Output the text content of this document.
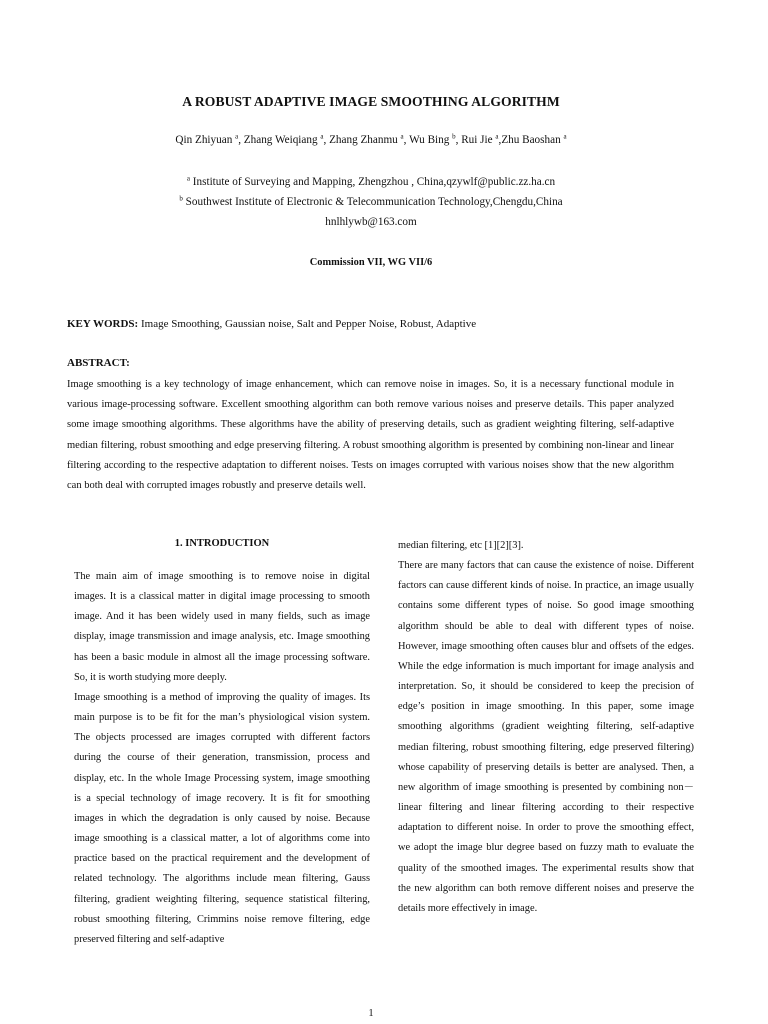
A ROBUST ADAPTIVE IMAGE SMOOTHING ALGORITHM
Qin Zhiyuan $^a$, Zhang Weiqiang $^a$, Zhang Zhanmu $^a$, Wu Bing $^b$, Rui Jie $^a$,Zhu Baoshan $^a$
$^a$ Institute of Surveying and Mapping, Zhengzhou , China,qzywlf@public.zz.ha.cn
$^b$ Southwest Institute of Electronic & Telecommunication Technology,Chengdu,China
hnlhlywb@163.com
Commission VII, WG VII/6
KEY WORDS: Image Smoothing, Gaussian noise, Salt and Pepper Noise, Robust, Adaptive
ABSTRACT:
Image smoothing is a key technology of image enhancement, which can remove noise in images. So, it is a necessary functional module in various image-processing software. Excellent smoothing algorithm can both remove various noises and preserve details. This paper analyzed some image smoothing algorithms. These algorithms have the ability of preserving details, such as gradient weighting filtering, self-adaptive median filtering, robust smoothing and edge preserving filtering. A robust smoothing algorithm is presented by combining non-linear and linear filtering according to the respective adaptation to different noises. Tests on images corrupted with various noises show that the new algorithm can both deal with corrupted images robustly and preserve details well.
1. INTRODUCTION

The main aim of image smoothing is to remove noise in digital images. It is a classical matter in digital image processing to smooth image. And it has been widely used in many fields, such as image display, image transmission and image analysis, etc. Image smoothing has been a basic module in almost all the image processing software. So, it is worth studying more deeply.

Image smoothing is a method of improving the quality of images. Its main purpose is to be fit for the man’s physiological vision system. The objects processed are images corrupted with different factors during the course of their generation, transmission, process and display, etc. In the whole Image Processing system, image smoothing is a special technology of image recovery. It is fit for smoothing images in which the degradation is only caused by noise. Because image smoothing is a classical matter, a lot of algorithms come into practice based on the practical requirement and the development of related technology. The algorithms include mean filtering, Gauss filtering, gradient weighting filtering, sequence statistical filtering, robust smoothing filtering, Crimmins noise remove filtering, edge preserved filtering and self-adaptive

median filtering, etc [1][2][3].

There are many factors that can cause the existence of noise. Different factors can cause different kinds of noise. In practice, an image usually contains some different types of noise. So good image smoothing algorithm should be able to deal with different types of noise. However, image smoothing often causes blur and offsets of the edges. While the edge information is much important for image analysis and interpretation. So, it should be considered to keep the precision of edge’s position in image smoothing. In this paper, some image smoothing algorithms (gradient weighting filtering, self-adaptive median filtering, robust smoothing filtering, edge preserved filtering) whose capability of preserving details is better are analysed. Then, a new algorithm of image smoothing is presented by combining non－linear filtering and linear filtering according to their respective adaptation to different noise. In order to prove the smoothing effect, we adopt the image blur degree based on fuzzy math to evaluate the quality of the smoothed images. The experimental results show that the new algorithm can both remove different noises and preserve the details more effectively in image.

1
